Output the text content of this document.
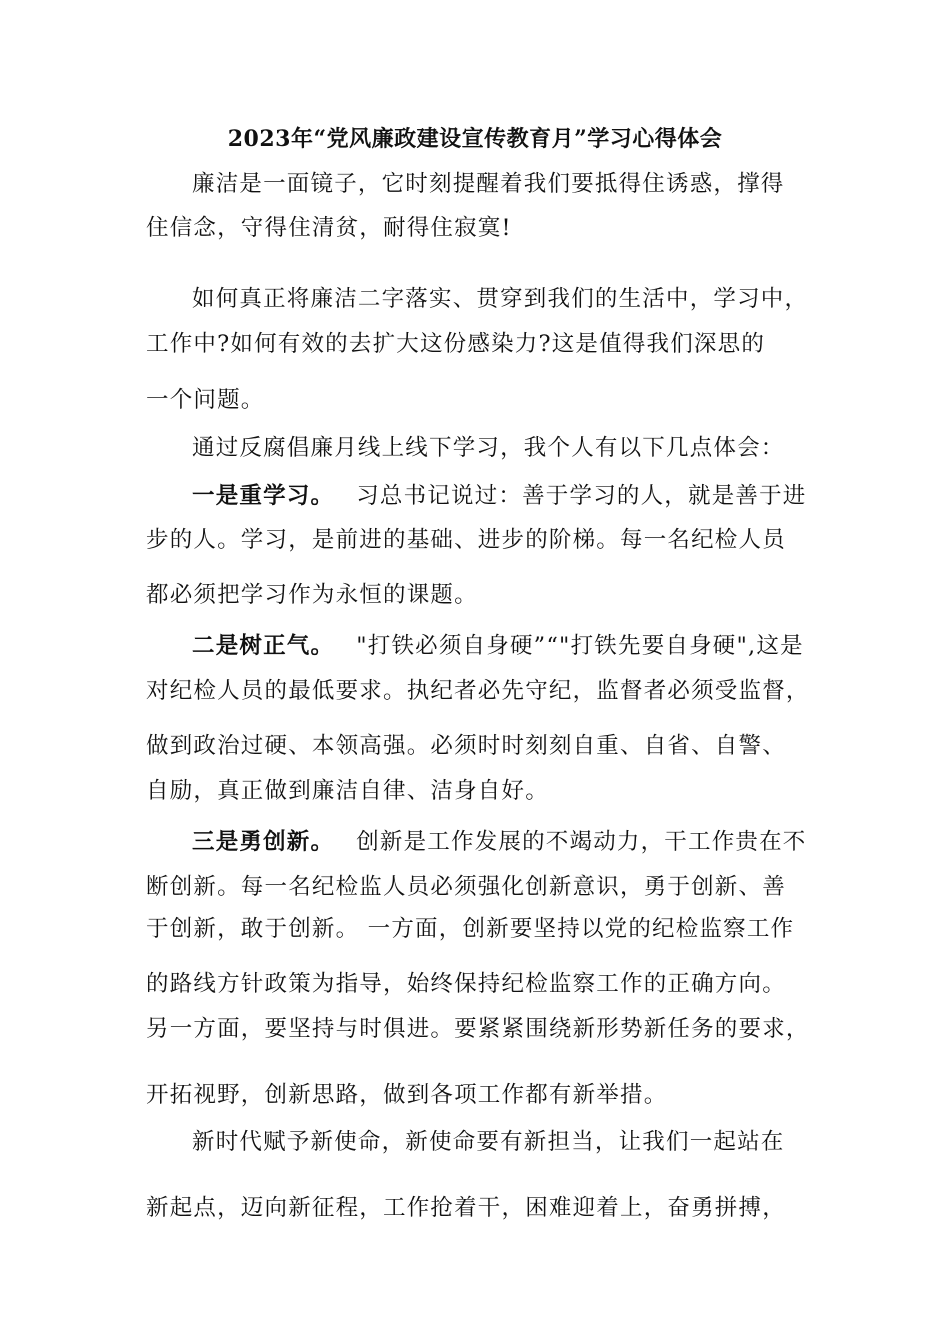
2023年“党风廉政建设宣传教育月”学习心得体会
廉洁是一面镜子，它时刻提醒着我们要抵得住诱惑，撑得
住信念，守得住清贫，耐得住寂寞!
如何真正将廉洁二字落实、贯穿到我们的生活中，学习中，
工作中?如何有效的去扩大这份感染力?这是值得我们深思的
一个问题。
通过反腐倡廉月线上线下学习，我个人有以下几点体会：
一是重学习。 习总书记说过：善于学习的人，就是善于进
步的人。学习，是前进的基础、进步的阶梯。每一名纪检人员
都必须把学习作为永恒的课题。
二是树正气。 "打铁必须自身硬”“"打铁先要自身硬",这是
对纪检人员的最低要求。执纪者必先守纪，监督者必须受监督，
做到政治过硬、本领高强。必须时时刻刻自重、自省、自警、
自励，真正做到廉洁自律、洁身自好。
三是勇创新。 创新是工作发展的不竭动力，干工作贵在不
断创新。每一名纪检监人员必须强化创新意识，勇于创新、善
于创新，敢于创新。 一方面，创新要坚持以党的纪检监察工作
的路线方针政策为指导，始终保持纪检监察工作的正确方向。
另一方面，要坚持与时俱进。要紧紧围绕新形势新任务的要求，
开拓视野，创新思路，做到各项工作都有新举措。
新时代赋予新使命，新使命要有新担当，让我们一起站在
新起点，迈向新征程，工作抢着干，困难迎着上，奋勇拼搏，
